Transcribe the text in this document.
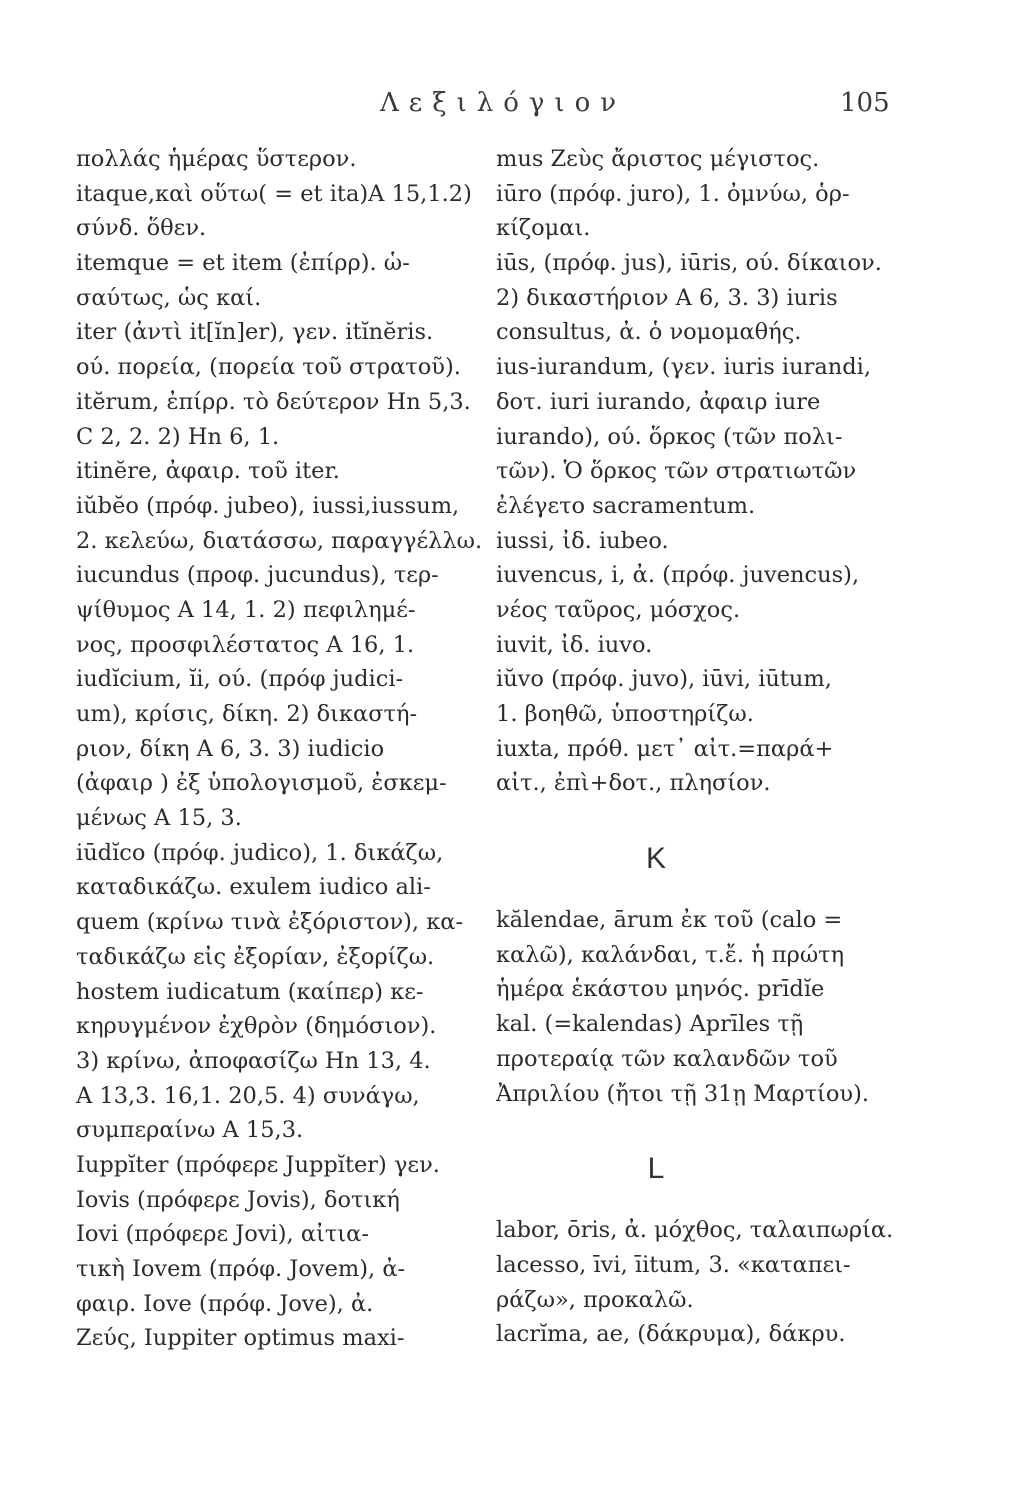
Λεξιλόγιον	105
πολλάς ἡμέρας ὕστερον.
itaque,καὶ οὕτω( = et ita)Α 15,1.2)
σύνδ. ὅθεν.
itemque = et item (ἐπίρρ). ὡ-
σαύτως, ὡς καί.
iter (ἀντὶ it[ĭn]er), γεν. itĭnĕris.
ού. πορεία, (πορεία τοῦ στρατοῦ).
itĕrum, ἐπίρρ. τὸ δεύτερον Ηn 5,3.
C 2, 2. 2) Hn 6, 1.
itinĕre, ἀφαιρ. τοῦ iter.
iŭbĕo (πρόφ. jubeo), iussi,iussum,
2. κελεύω, διατάσσω, παραγγέλλω.
iucundus (προφ. jucundus), τερ-
ψίθυμος Α 14, 1. 2) πεφιλημέ-
νος, προσφιλέστατος Α 16, 1.
iudĭcium, ĭi, ού. (πρόφ judici-
um), κρίσις, δίκη. 2) δικαστή-
ριον, δίκη Α 6, 3. 3) iudicio
(ἀφαιρ ) ἐξ ὑπολογισμοῦ, ἐσκεμ-
μένως Α 15, 3.
iūdĭco (πρόφ. judico), 1. δικάζω,
καταδικάζω. exulem iudico ali-
quem (κρίνω τινὰ ἐξόριστον), κα-
ταδικάζω εἰς ἐξορίαν, ἐξορίζω.
hostem iudicatum (καίπερ) κε-
κηρυγμένον ἐχθρὸν (δημόσιον).
3) κρίνω, ἀποφασίζω Hn 13, 4.
Α 13,3. 16,1. 20,5. 4) συνάγω,
συμπεραίνω Α 15,3.
Iuppĭter (πρόφερε Juppĭter) γεν.
Iovis (πρόφερε Jovis), δοτική
Iovi (πρόφερε Jovi), αἰτια-
τικὴ Iovem (πρόφ. Jovem), ἀ-
φαιρ. Iove (πρόφ. Jove), ἀ.
Ζεύς, Iuppiter optimus maxi-
mus Ζεὺς ἄριστος μέγιστος.
iūro (πρόφ. juro), 1. ὀμνύω, ὁρ-
κίζομαι.
iūs, (πρόφ. jus), iūris, ού. δίκαιον.
2) δικαστήριον Α 6, 3. 3) iuris
consultus, ἀ. ὁ νομομαθής.
ius-iurandum, (γεν. iuris iurandi,
δοτ. iuri iurando, ἀφαιρ iure
iurando), ού. ὅρκος (τῶν πολι-
τῶν). Ὁ ὅρκος τῶν στρατιωτῶν
ἐλέγετο sacramentum.
iussi, ἰδ. iubeo.
iuvencus, i, ἀ. (πρόφ. juvencus),
νέος ταῦρος, μόσχος.
iuvit, ἰδ. iuvo.
iŭvo (πρόφ. juvo), iūvi, iūtum,
1. βοηθῶ, ὑποστηρίζω.
iuxta, πρόθ. μετ᾽ αἰτ.=παρά+
αἰτ., ἐπὶ+δοτ., πλησίον.
K
kălendae, ārum ἐκ τοῦ (calo =
καλῶ), καλάνδαι, τ.ἔ. ἡ πρώτη
ἡμέρα ἑκάστου μηνός. prīdĭe
kal. (=kalendas) Aprīles τῇ
προτεραίᾳ τῶν καλανδῶν τοῦ
Ἀπριλίου (ἤτοι τῇ 31ῃ Μαρτίου).
L
labor, ōris, ἀ. μόχθος, ταλαιπωρία.
lacesso, īvi, īitum, 3. «καταπει-
ράζω», προκαλῶ.
lacrĭma, ae, (δάκρυμα), δάκρυ.
